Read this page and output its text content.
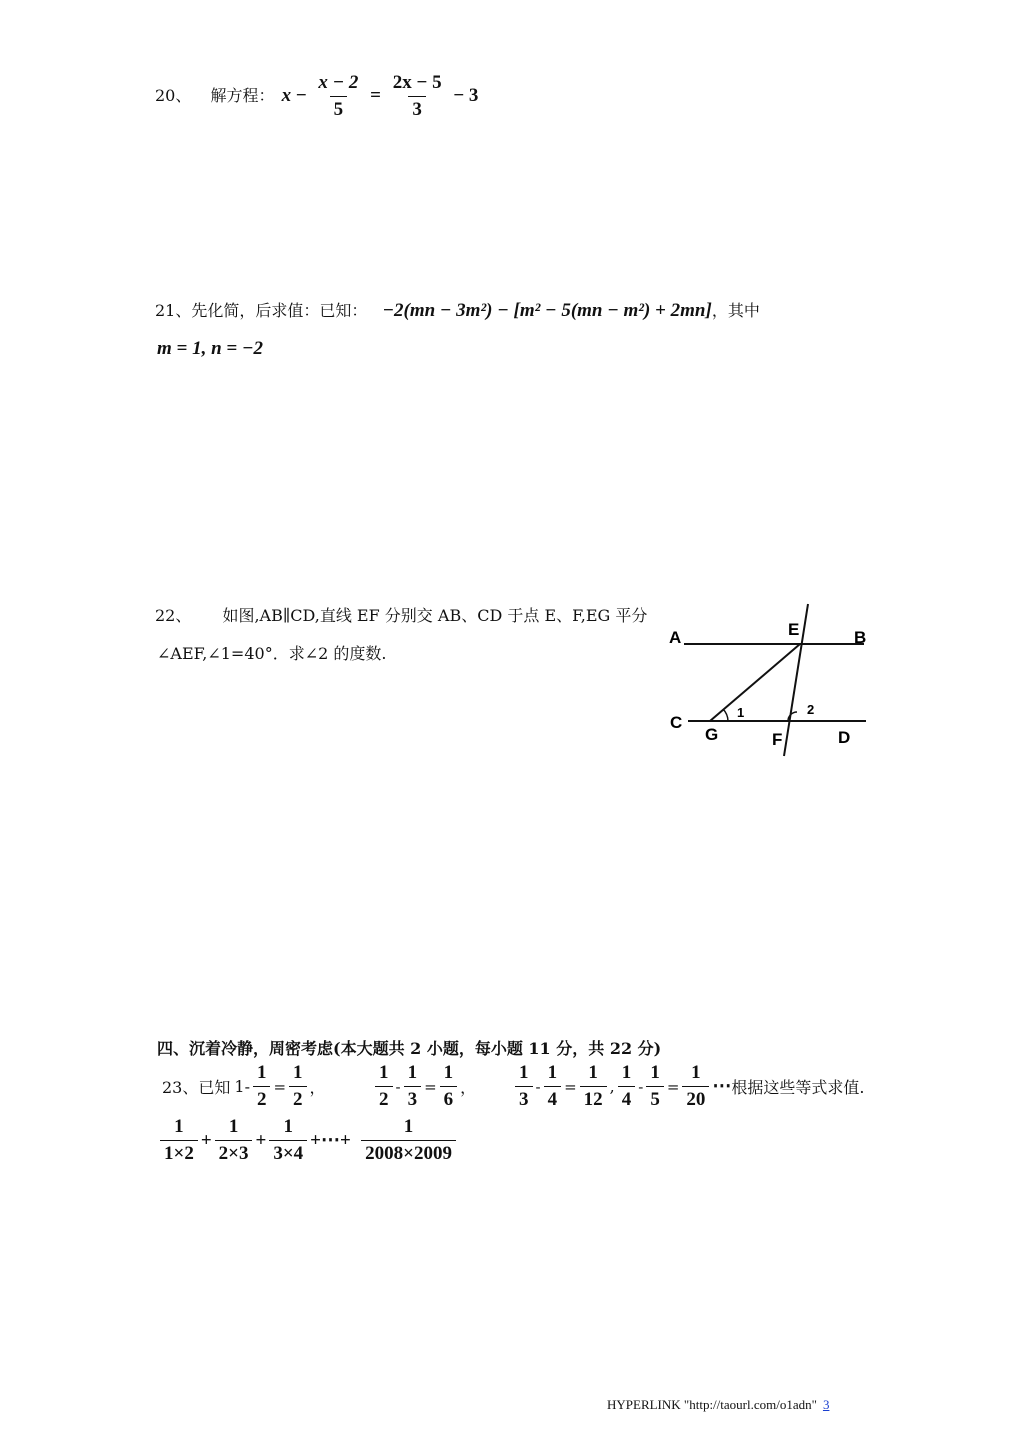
20、 解方程： $x - \frac{x - 2}{5} = \frac{2x - 5}{3} - 3$
21、先化简，后求值：已知： −2(mn − 3m²) − [m² − 5(mn − m²) + 2mn]，其中
m = 1, n = −2
22、 如图,AB∥CD,直线 EF 分别交 AB、CD 于点 E、F,EG 平分
∠AEF,∠1=40°．求∠2 的度数.
A	B
C
D
E
F
G
1	2
四、沉着冷静，周密考虑(本大题共 2 小题，每小题 11 分，共 22 分)
23、已知 $1 - \frac{1}{2} = \frac{1}{2}$ ，	$\frac{1}{2} - \frac{1}{3} = \frac{1}{6}$ ， $\frac{1}{3} - \frac{1}{4} = \frac{1}{12}$ , $\frac{1}{4} - \frac{1}{5} = \frac{1}{20}$ ⋯ 根据这些等式求值.
$\frac{1}{1\times 2} + \frac{1}{2\times 3} + \frac{1}{3\times 4}$ +⋯+ $\frac{1}{2008\times 2009}$
HYPERLINK "http://taourl.com/o1adn" 3
